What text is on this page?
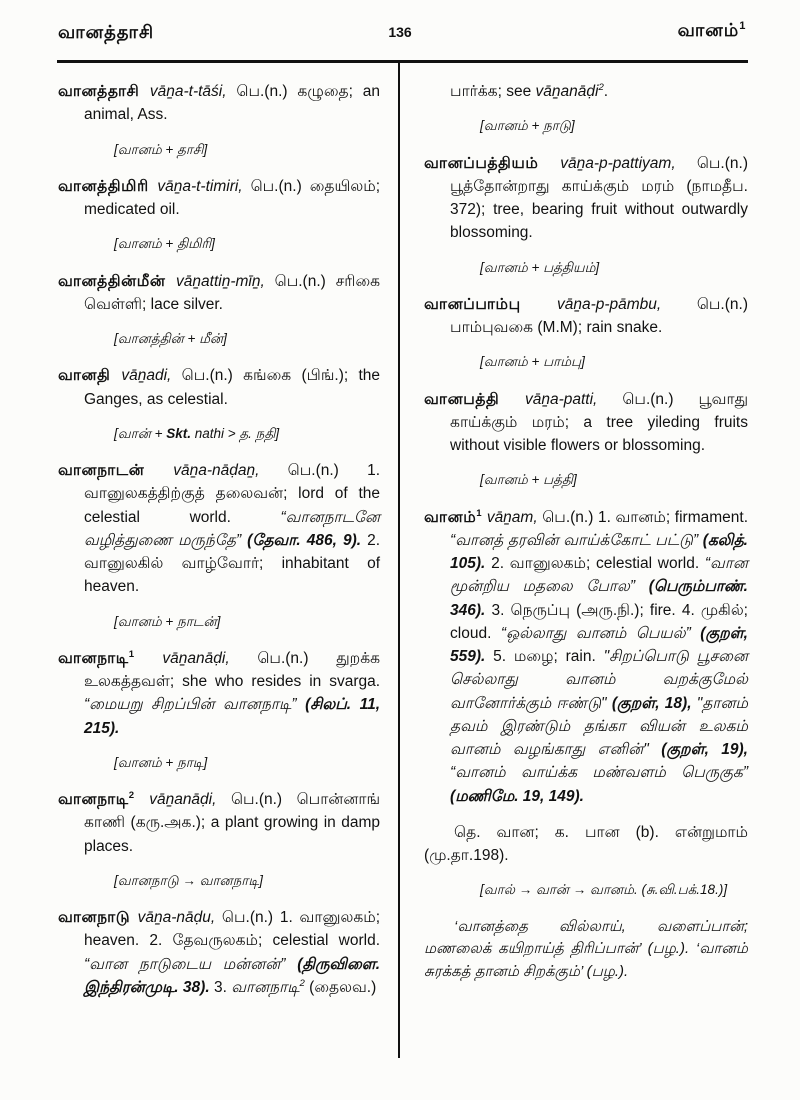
வானத்தாசி	136	வானம்$^1$

வானத்தாசி vāṉa-t-tāśi, பெ.(n.) கழுதை; an animal, Ass.

[வானம் + தாசி]

வானத்திமிரி vāṉa-t-timiri, பெ.(n.) தையிலம்; medicated oil.

[வானம் + திமிரி]

வானத்தின்மீன் vāṉattiṉ-mīṉ, பெ.(n.) சரிகை வெள்ளி; lace silver.

[வானத்தின் + மீன்]

வானதி vāṉadi, பெ.(n.) கங்கை (பிங்.); the Ganges, as celestial.

[வான் + Skt. nathi > த. நதி]

வானநாடன் vāṉa-nāḍaṉ, பெ.(n.) 1. வானுலகத்திற்குத் தலைவன்; lord of the celestial world. “வானநாடனே வழித்துணை மருந்தே” (தேவா. 486, 9). 2. வானுலகில் வாழ்வோர்; inhabitant of heaven.

[வானம் + நாடன்]

வானநாடி$^1$ vāṉanāḍi, பெ.(n.) துறக்க உலகத்தவள்; she who resides in svarga. “மையறு சிறப்பின் வானநாடி” (சிலப். 11, 215).

[வானம் + நாடி]

வானநாடி$^2$ vāṉanāḍi, பெ.(n.) பொன்னாங் காணி (கரு.அக.); a plant growing in damp places.

[வானநாடு → வானநாடி]

வானநாடு vāṉa-nāḍu, பெ.(n.) 1. வானுலகம்; heaven. 2. தேவருலகம்; celestial world. “வான நாடுடைய மன்னன்” (திருவிளை. இந்திரன்முடி. 38). 3. வானநாடி$^2$ (தைலவ.)

பார்க்க; see vāṉanāḍi$^2$.

[வானம் + நாடு]

வானப்பத்தியம் vāṉa-p-pattiyam, பெ.(n.) பூத்தோன்றாது காய்க்கும் மரம் (நாமதீப. 372); tree, bearing fruit without outwardly blossoming.

[வானம் + பத்தியம்]

வானப்பாம்பு vāṉa-p-pāmbu, பெ.(n.) பாம்புவகை (M.M); rain snake.

[வானம் + பாம்பு]

வானபத்தி vāṉa-patti, பெ.(n.) பூவாது காய்க்கும் மரம்; a tree yileding fruits without visible flowers or blossoming.

[வானம் + பத்தி]

வானம்$^1$ vāṉam, பெ.(n.) 1. வானம்; firmament. “வானத் தரவின் வாய்க்கோட் பட்டு” (கலித். 105). 2. வானுலகம்; celestial world. “வான மூன்றிய மதலை போல” (பெரும்பாண். 346). 3. நெருப்பு (அரு.நி.); fire. 4. முகில்; cloud. “ஒல்லாது வானம் பெயல்” (குறள், 559). 5. மழை; rain. "சிறப்பொடு பூசனை செல்லாது வானம் வறக்குமேல் வானோர்க்கும் ஈண்டு" (குறள், 18), "தானம் தவம் இரண்டும் தங்கா வியன் உலகம் வானம் வழங்காது எனின்" (குறள், 19), “வானம் வாய்க்க மண்வளம் பெருகுக” (மணிமே. 19, 149).

தெ. வான; க. பான (b). என்றுமாம் (மு.தா.198).

[வால் → வான் → வானம். (சு.வி.பக்.18.)]

‘வானத்தை வில்லாய், வளைப்பான்; மணலைக் கயிறாய்த் திரிப்பான்’ (பழ.). ‘வானம் சுரக்கத் தானம் சிறக்கும்’ (பழ.).
